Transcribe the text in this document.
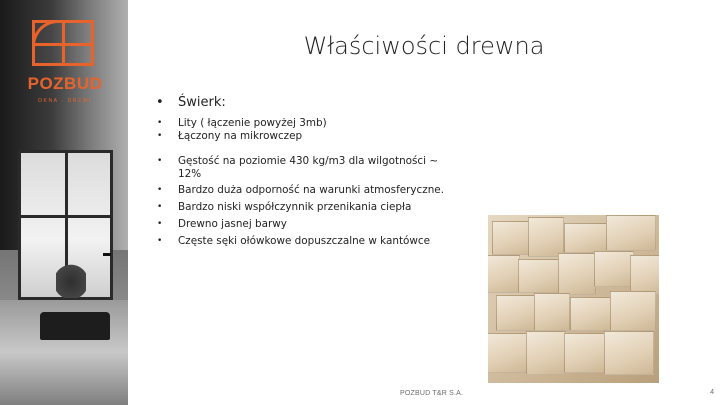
POZBUD
OKNA · DRZWI
Właściwości drewna
• Świerk:
• Lity ( łączenie powyżej 3mb)
• Łączony na mikrowczep
• Gęstość na poziomie 430 kg/m3 dla wilgotności ~ 12%
• Bardzo duża odporność na warunki atmosferyczne.
• Bardzo niski współczynnik przenikania ciepła
• Drewno jasnej barwy
• Częste sęki ołówkowe dopuszczalne w kantówce
POZBUD T&R S.A.	4
